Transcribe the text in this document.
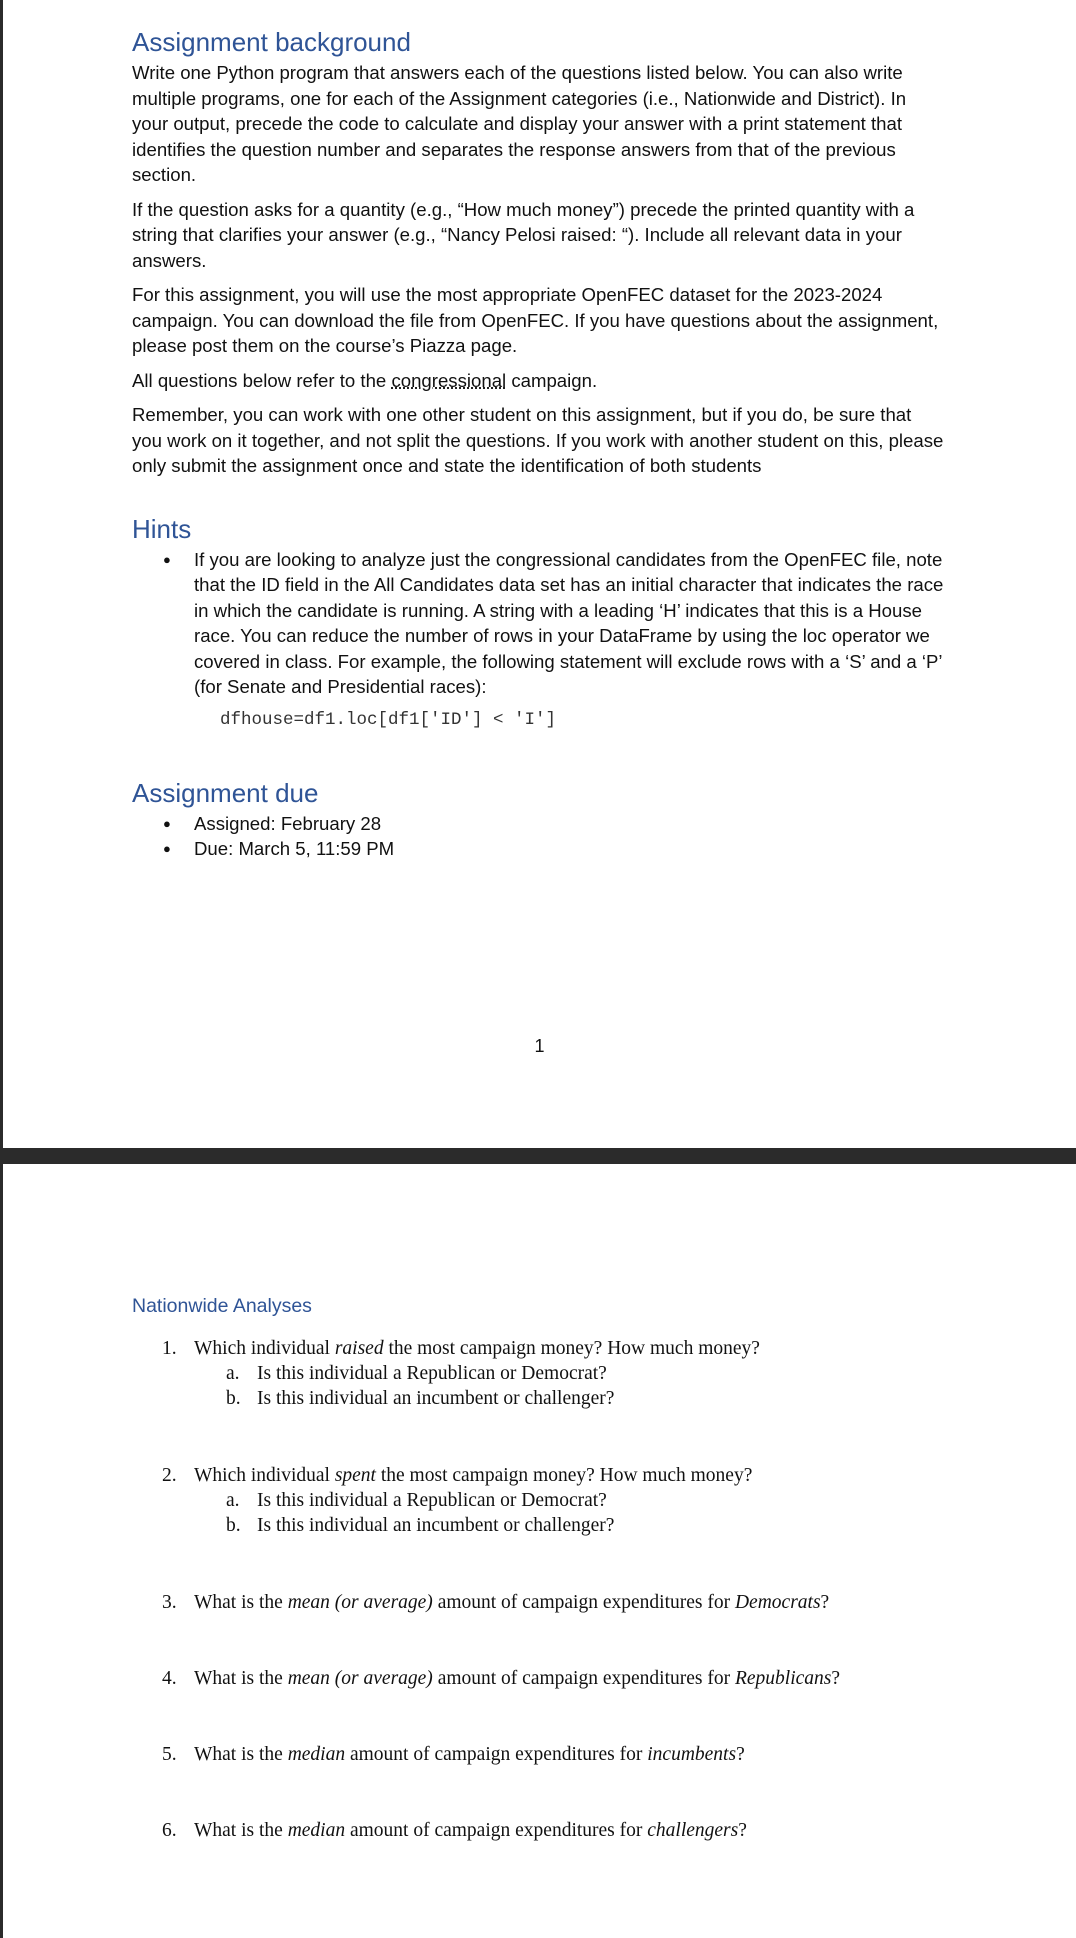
Assignment background

Write one Python program that answers each of the questions listed below. You can also write multiple programs, one for each of the Assignment categories (i.e., Nationwide and District). In your output, precede the code to calculate and display your answer with a print statement that identifies the question number and separates the response answers from that of the previous section.

If the question asks for a quantity (e.g., “How much money”) precede the printed quantity with a string that clarifies your answer (e.g., “Nancy Pelosi raised: “). Include all relevant data in your answers.

For this assignment, you will use the most appropriate OpenFEC dataset for the 2023-2024 campaign. You can download the file from OpenFEC. If you have questions about the assignment, please post them on the course’s Piazza page.

All questions below refer to the congressional campaign.

Remember, you can work with one other student on this assignment, but if you do, be sure that you work on it together, and not split the questions. If you work with another student on this, please only submit the assignment once and state the identification of both students

Hints
● If you are looking to analyze just the congressional candidates from the OpenFEC file, note that the ID field in the All Candidates data set has an initial character that indicates the race in which the candidate is running. A string with a leading ‘H’ indicates that this is a House race. You can reduce the number of rows in your DataFrame by using the loc operator we covered in class. For example, the following statement will exclude rows with a ‘S’ and a ‘P’ (for Senate and Presidential races):
dfhouse=df1.loc[df1['ID'] < 'I']
Assignment due
● Assigned: February 28
● Due: March 5, 11:59 PM
1
Nationwide Analyses
1. Which individual raised the most campaign money? How much money?
a. Is this individual a Republican or Democrat?
b. Is this individual an incumbent or challenger?
2. Which individual spent the most campaign money? How much money?
a. Is this individual a Republican or Democrat?
b. Is this individual an incumbent or challenger?
3. What is the mean (or average) amount of campaign expenditures for Democrats?
4. What is the mean (or average) amount of campaign expenditures for Republicans?
5. What is the median amount of campaign expenditures for incumbents?
6. What is the median amount of campaign expenditures for challengers?
